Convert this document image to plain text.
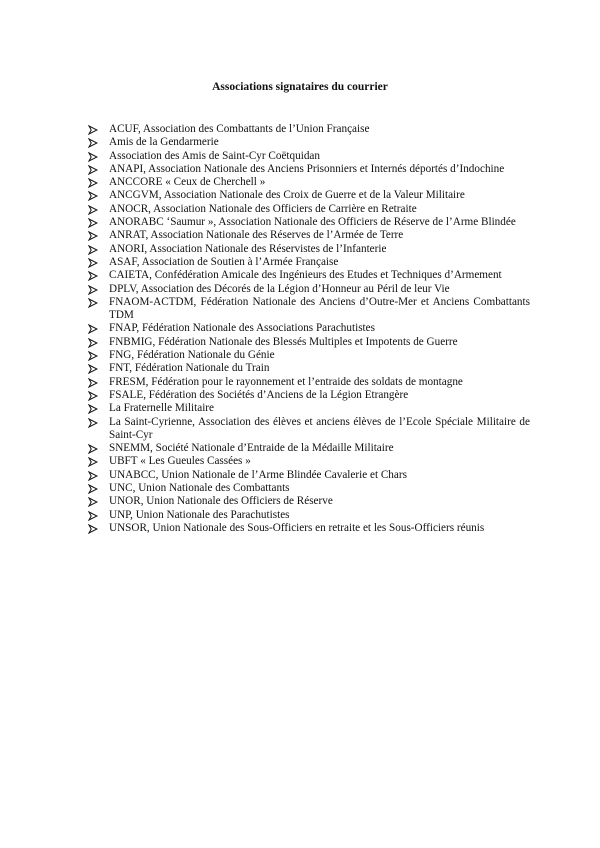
Associations signataires du courrier
ACUF, Association des Combattants de l’Union Française
Amis de la Gendarmerie
Association des Amis de Saint-Cyr Coëtquidan
ANAPI, Association Nationale des Anciens Prisonniers et Internés déportés d’Indochine
ANCCORE « Ceux de Cherchell »
ANCGVM, Association Nationale des Croix de Guerre et de la Valeur Militaire
ANOCR, Association Nationale des Officiers de Carrière en Retraite
ANORABC ‘Saumur », Association Nationale des Officiers de Réserve de l’Arme Blindée
ANRAT, Association Nationale des Réserves de l’Armée de Terre
ANORI, Association Nationale des Réservistes de l’Infanterie
ASAF, Association de Soutien à l’Armée Française
CAIETA, Confédération Amicale des Ingénieurs des Etudes et Techniques d’Armement
DPLV, Association des Décorés de la Légion d’Honneur au Péril de leur Vie
FNAOM-ACTDM, Fédération Nationale des Anciens d’Outre-Mer et Anciens Combattants TDM
FNAP, Fédération Nationale des Associations Parachutistes
FNBMIG, Fédération Nationale des Blessés Multiples et Impotents de Guerre
FNG, Fédération Nationale du Génie
FNT, Fédération Nationale du Train
FRESM, Fédération pour le rayonnement et l’entraide des soldats de montagne
FSALE, Fédération des Sociétés d’Anciens de la Légion Etrangère
La Fraternelle Militaire
La Saint-Cyrienne, Association des élèves et anciens élèves de l’Ecole Spéciale Militaire de Saint-Cyr
SNEMM, Société Nationale d’Entraide de la Médaille Militaire
UBFT « Les Gueules Cassées »
UNABCC, Union Nationale de l’Arme Blindée Cavalerie et Chars
UNC, Union Nationale des Combattants
UNOR, Union Nationale des Officiers de Réserve
UNP, Union Nationale des Parachutistes
UNSOR, Union Nationale des Sous-Officiers en retraite et les Sous-Officiers réunis
